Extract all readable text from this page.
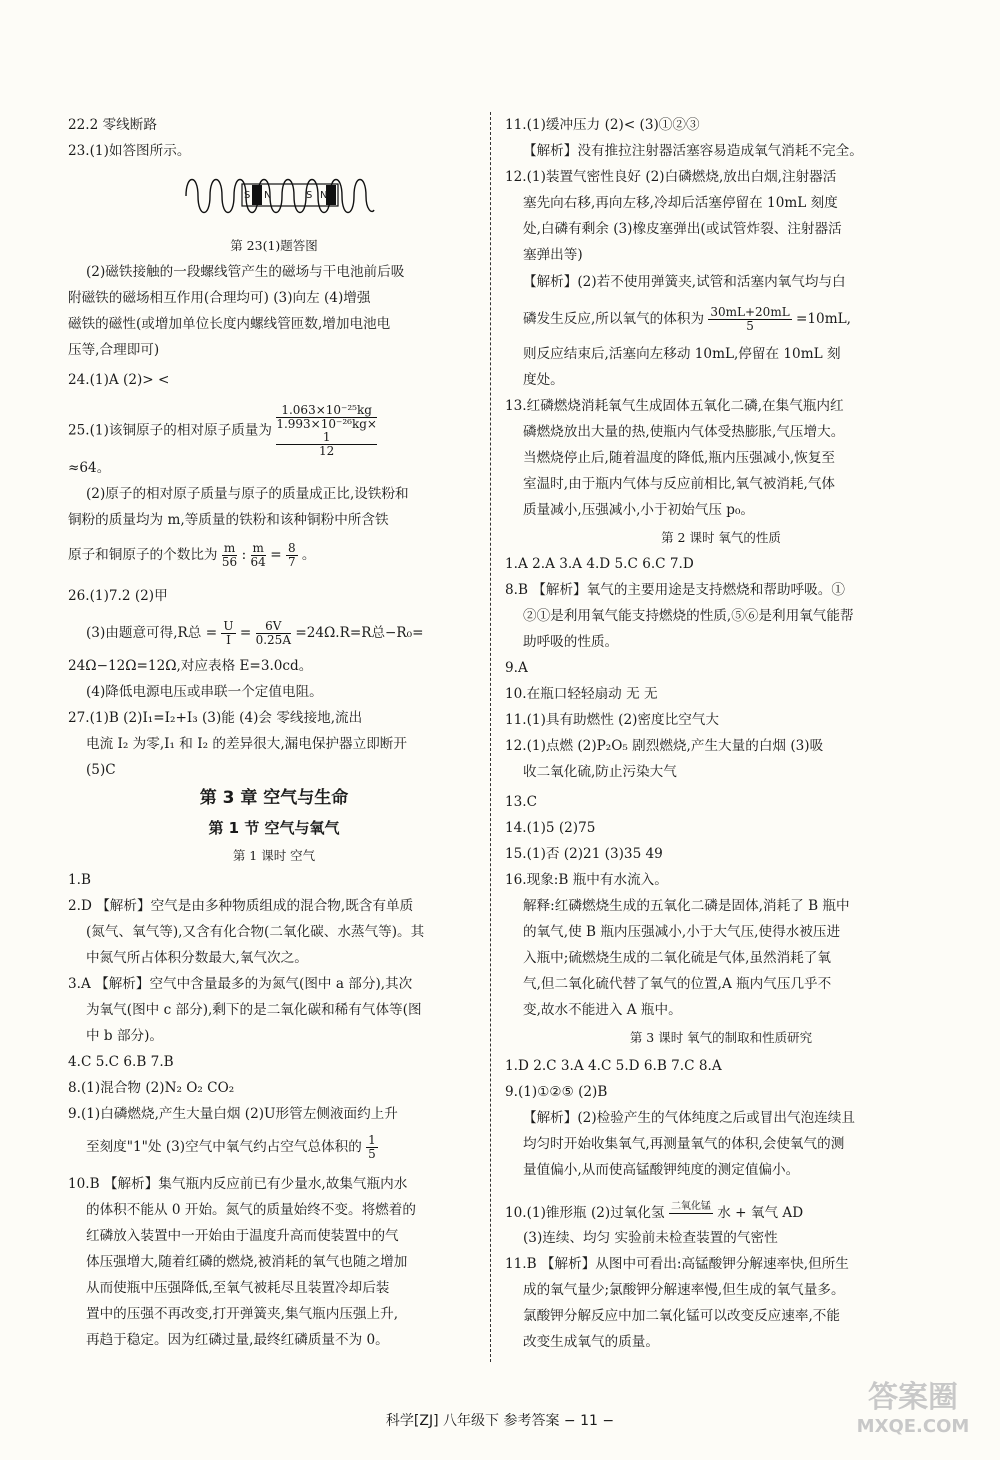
22.2 零线断路
23.(1)如答图所示。
S N	S N
第 23(1)题答图
(2)磁铁接触的一段螺线管产生的磁场与干电池前后吸
附磁铁的磁场相互作用(合理均可) (3)向左 (4)增强
磁铁的磁性(或增加单位长度内螺线管匝数,增加电池电
压等,合理即可)
24.(1)A (2)> <
25.(1)该铜原子的相对原子质量为 1.063×10⁻²⁵kg
1.993×10⁻²⁶kg×
1
12
≈64。
(2)原子的相对原子质量与原子的质量成正比,设铁粉和
铜粉的质量均为 m,等质量的铁粉和该种铜粉中所含铁
原子和铜原子的个数比为 $\frac{m}{56}$ : $\frac{m}{64} = \frac{8}{7}$ 。
26.(1)7.2 (2)甲
(3)由题意可得,R总 = $\frac{U}{I} = \frac{6V}{0.25A} =24\Omega.R=R$总−R₀=
24Ω−12Ω=12Ω,对应表格 E=3.0cd。
(4)降低电源电压或串联一个定值电阻。
27.(1)B (2)I₁=I₂+I₃ (3)能 (4)会 零线接地,流出
电流 I₂ 为零,I₁ 和 I₂ 的差异很大,漏电保护器立即断开
(5)C
第 3 章 空气与生命
第 1 节 空气与氧气
第 1 课时 空气
1.B
2.D 【解析】空气是由多种物质组成的混合物,既含有单质
(氮气、氧气等),又含有化合物(二氧化碳、水蒸气等)。其
中氮气所占体积分数最大,氧气次之。
3.A 【解析】空气中含量最多的为氮气(图中 a 部分),其次
为氧气(图中 c 部分),剩下的是二氧化碳和稀有气体等(图
中 b 部分)。
4.C 5.C 6.B 7.B
8.(1)混合物 (2)N₂ O₂ CO₂
9.(1)白磷燃烧,产生大量白烟 (2)U形管左侧液面约上升
至刻度"1"处 (3)空气中氧气约占空气总体积的 $\frac{1}{5}$
10.B 【解析】集气瓶内反应前已有少量水,故集气瓶内水
的体积不能从 0 开始。氮气的质量始终不变。将燃着的
红磷放入装置中一开始由于温度升高而使装置中的气
体压强增大,随着红磷的燃烧,被消耗的氧气也随之增加
从而使瓶中压强降低,至氧气被耗尽且装置冷却后装
置中的压强不再改变,打开弹簧夹,集气瓶内压强上升,
再趋于稳定。因为红磷过量,最终红磷质量不为 0。
11.(1)缓冲压力 (2)< (3)①②③
【解析】没有推拉注射器活塞容易造成氧气消耗不完全。
12.(1)装置气密性良好 (2)白磷燃烧,放出白烟,注射器活
塞先向右移,再向左移,冷却后活塞停留在 10mL 刻度
处,白磷有剩余 (3)橡皮塞弹出(或试管炸裂、注射器活
塞弹出等)
【解析】(2)若不使用弹簧夹,试管和活塞内氧气均与白
磷发生反应,所以氧气的体积为 $\frac{30mL+20mL}{5} =10mL$,
则反应结束后,活塞向左移动 10mL,停留在 10mL 刻
度处。
13.红磷燃烧消耗氧气生成固体五氧化二磷,在集气瓶内红
磷燃烧放出大量的热,使瓶内气体受热膨胀,气压增大。
当燃烧停止后,随着温度的降低,瓶内压强减小,恢复至
室温时,由于瓶内气体与反应前相比,氧气被消耗,气体
质量减小,压强减小,小于初始气压 p₀。
第 2 课时 氧气的性质
1.A 2.A 3.A 4.D 5.C 6.C 7.D
8.B 【解析】氧气的主要用途是支持燃烧和帮助呼吸。①
②①是利用氧气能支持燃烧的性质,⑤⑥是利用氧气能帮
助呼吸的性质。
9.A
10.在瓶口轻轻扇动 无 无
11.(1)具有助燃性 (2)密度比空气大
12.(1)点燃 (2)P₂O₅ 剧烈燃烧,产生大量的白烟 (3)吸
收二氧化硫,防止污染大气
13.C
14.(1)5 (2)75
15.(1)否 (2)21 (3)35 49
16.现象:B 瓶中有水流入。
解释:红磷燃烧生成的五氧化二磷是固体,消耗了 B 瓶中
的氧气,使 B 瓶内压强减小,小于大气压,使得水被压进
入瓶中;硫燃烧生成的二氧化硫是气体,虽然消耗了氧
气,但二氧化硫代替了氧气的位置,A 瓶内气压几乎不
变,故水不能进入 A 瓶中。
第 3 课时 氧气的制取和性质研究
1.D 2.C 3.A 4.C 5.D 6.B 7.C 8.A
9.(1)①②⑤ (2)B
【解析】(2)检验产生的气体纯度之后或冒出气泡连续且
均匀时开始收集氧气,再测量氧气的体积,会使氧气的测
量值偏小,从而使高锰酸钾纯度的测定值偏小。
10.(1)锥形瓶 (2)过氧化氢 二氧化锰
水 + 氧气 AD
(3)连续、均匀 实验前未检查装置的气密性
11.B 【解析】从图中可看出:高锰酸钾分解速率快,但所生
成的氧气量少;氯酸钾分解速率慢,但生成的氧气量多。
氯酸钾分解反应中加二氧化锰可以改变反应速率,不能
改变生成氧气的质量。
科学[ZJ] 八年级下 参考答案 − 11 −
答案圈
MXQE.COM
